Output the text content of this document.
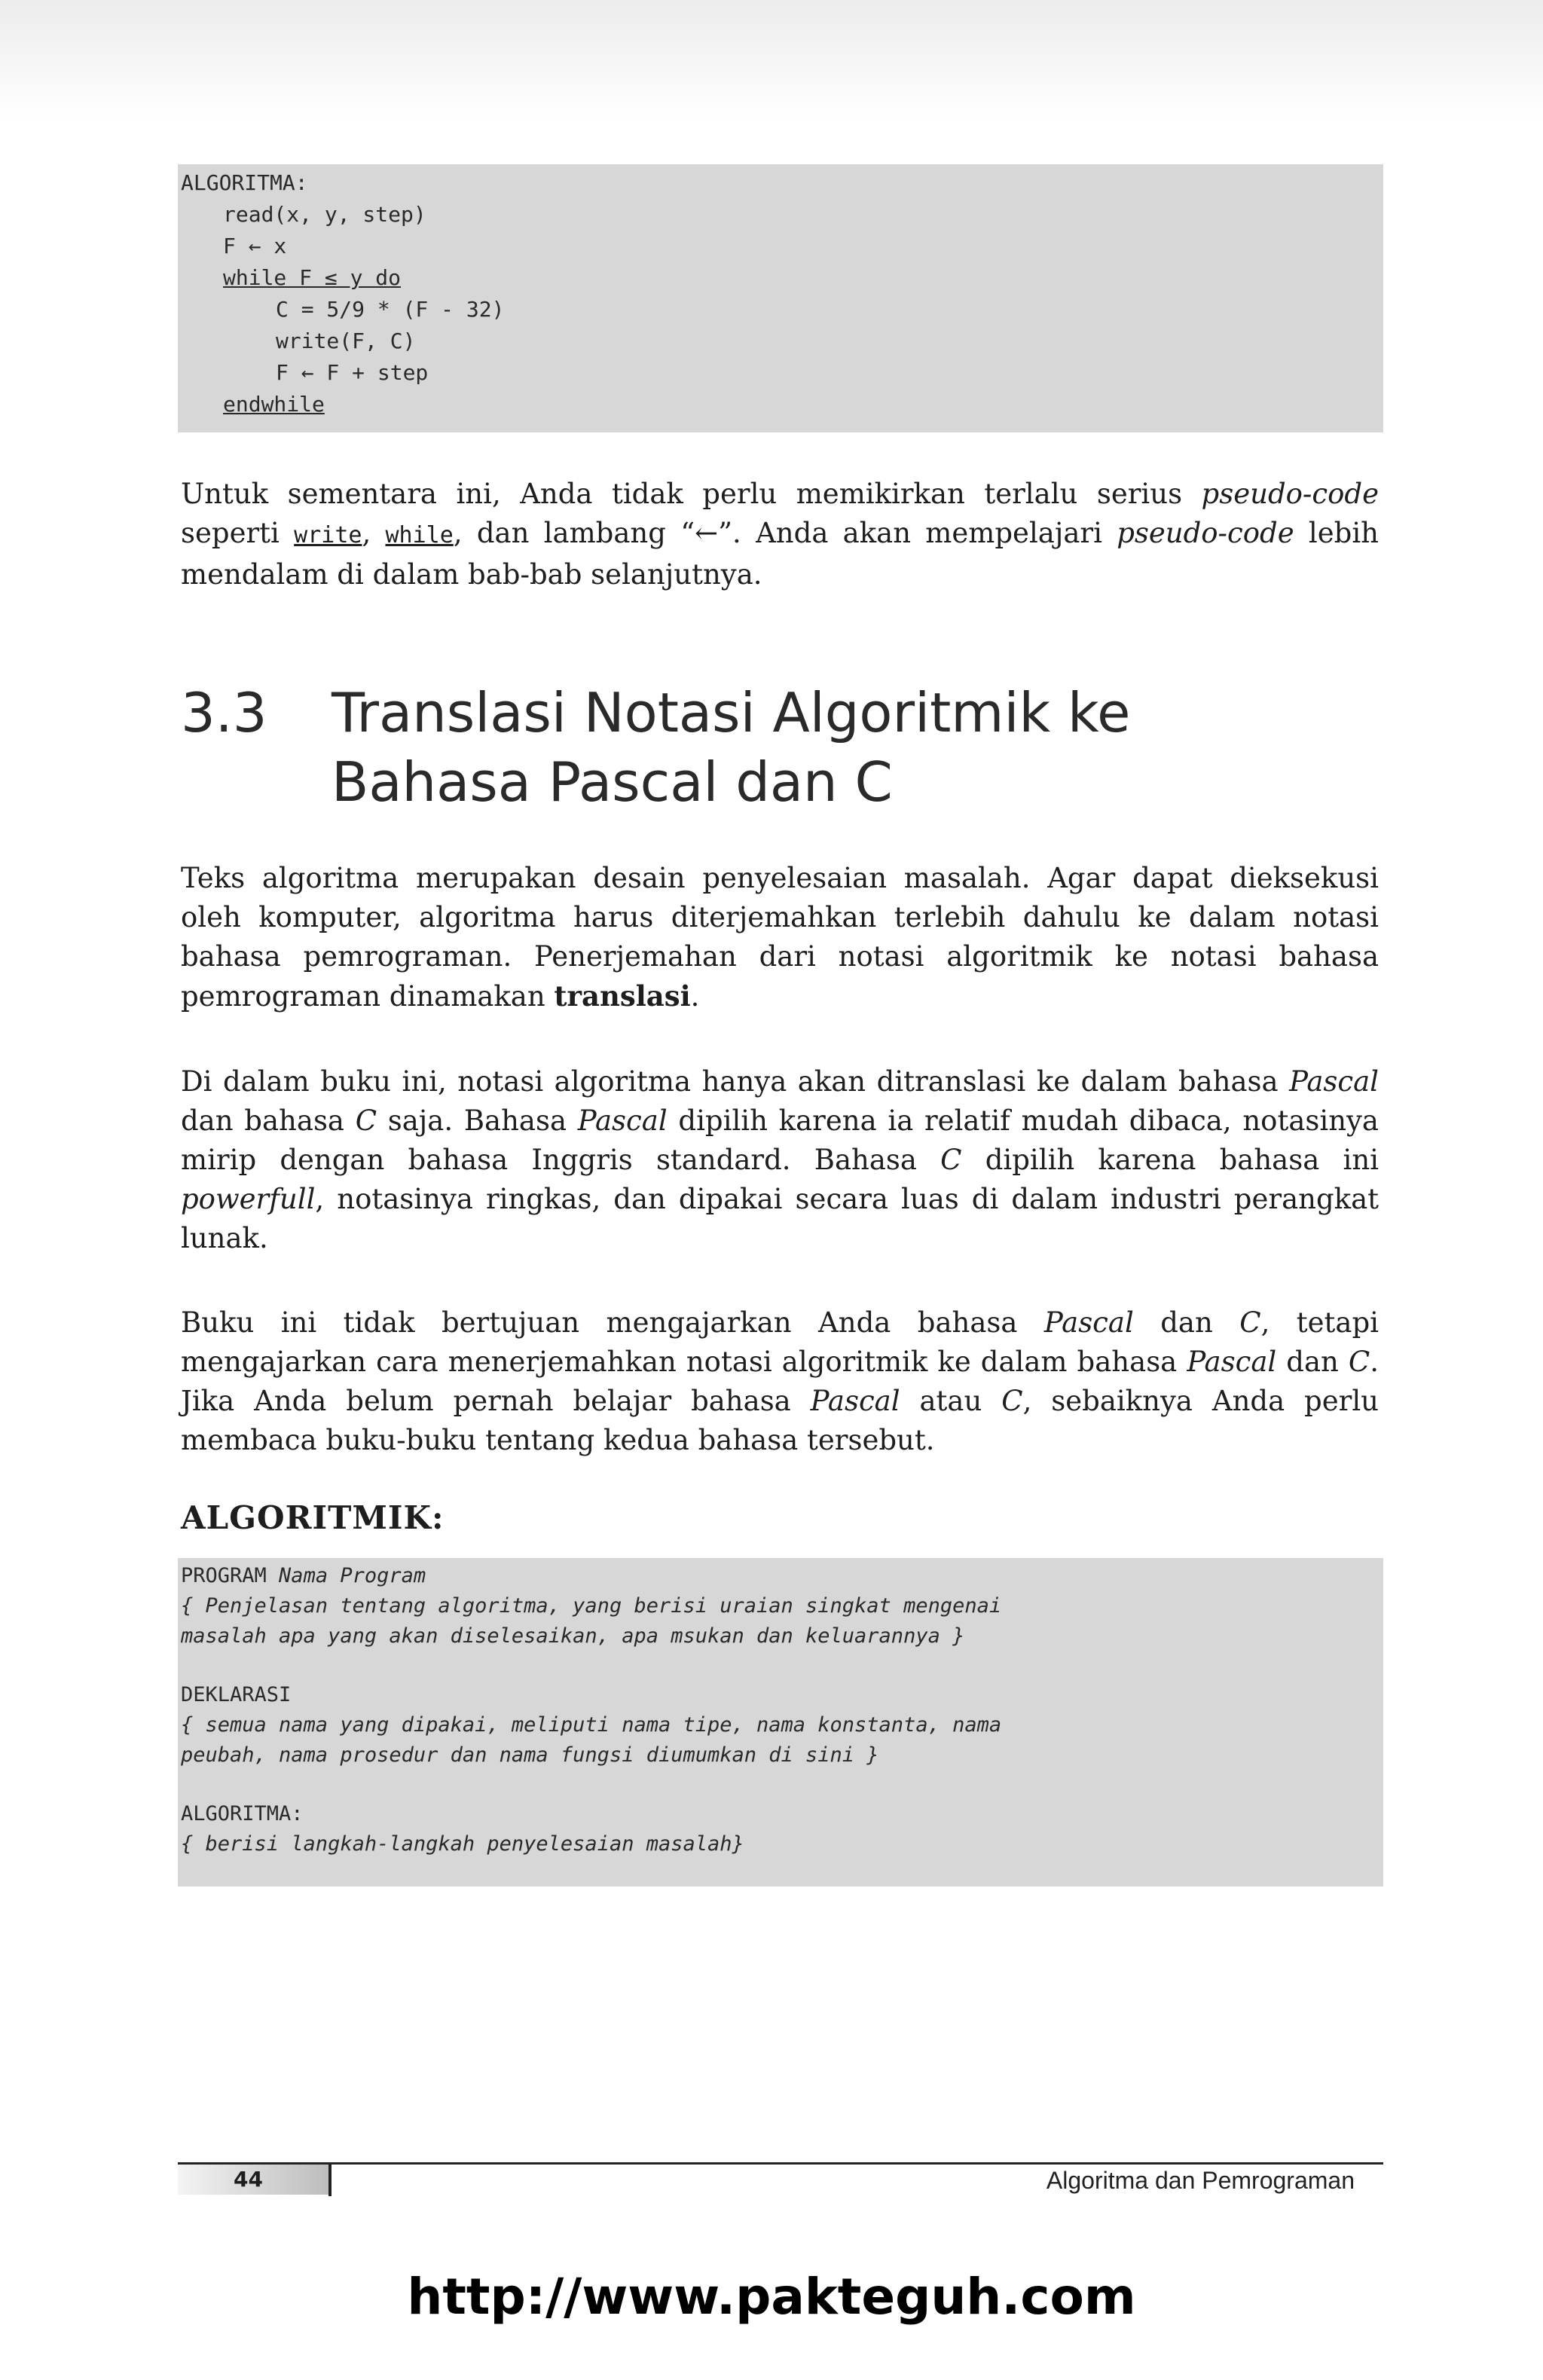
ALGORITMA:
read(x, y, step)
F ← x
while F ≤ y do
C = 5/9 * (F - 32)
write(F, C)
F ← F + step
endwhile

Untuk sementara ini, Anda tidak perlu memikirkan terlalu serius pseudo-code seperti write, while, dan lambang “←”. Anda akan mempelajari pseudo-code lebih mendalam di dalam bab-bab selanjutnya.

3.3 Translasi Notasi Algoritmik ke
Bahasa Pascal dan C

Teks algoritma merupakan desain penyelesaian masalah. Agar dapat dieksekusi oleh komputer, algoritma harus diterjemahkan terlebih dahulu ke dalam notasi bahasa pemrograman. Penerjemahan dari notasi algoritmik ke notasi bahasa pemrograman dinamakan translasi.

Di dalam buku ini, notasi algoritma hanya akan ditranslasi ke dalam bahasa Pascal dan bahasa C saja. Bahasa Pascal dipilih karena ia relatif mudah dibaca, notasinya mirip dengan bahasa Inggris standard. Bahasa C dipilih karena bahasa ini powerfull, notasinya ringkas, dan dipakai secara luas di dalam industri perangkat lunak.

Buku ini tidak bertujuan mengajarkan Anda bahasa Pascal dan C, tetapi mengajarkan cara menerjemahkan notasi algoritmik ke dalam bahasa Pascal dan C. Jika Anda belum pernah belajar bahasa Pascal atau C, sebaiknya Anda perlu membaca buku-buku tentang kedua bahasa tersebut.

ALGORITMIK:
PROGRAM Nama Program
{ Penjelasan tentang algoritma, yang berisi uraian singkat mengenai
masalah apa yang akan diselesaikan, apa msukan dan keluarannya }
DEKLARASI
{ semua nama yang dipakai, meliputi nama tipe, nama konstanta, nama
peubah, nama prosedur dan nama fungsi diumumkan di sini }
ALGORITMA:
{ berisi langkah-langkah penyelesaian masalah}
44	Algoritma dan Pemrograman
http://www.pakteguh.com
